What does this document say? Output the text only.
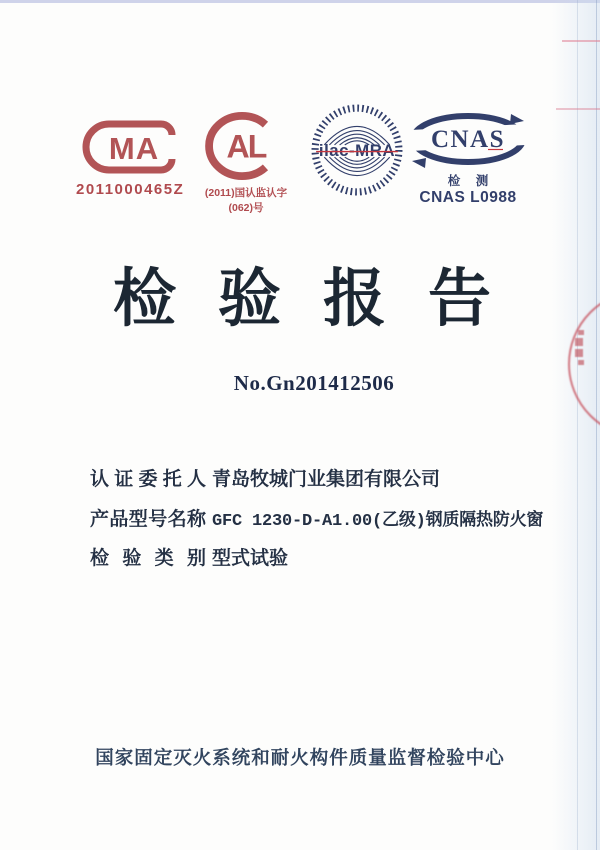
MA
2011000465Z
AL
(2011)国认监认字(062)号
ilac-MRA CNAS
检 测
CNAS L0988
检验报告
No.Gn201412506
认证委托人 青岛牧城门业集团有限公司
产品型号名称 GFC 1230-D-A1.00(乙级)钢质隔热防火窗
检验类别 型式试验
国家固定灭火系统和耐火构件质量监督检验中心
